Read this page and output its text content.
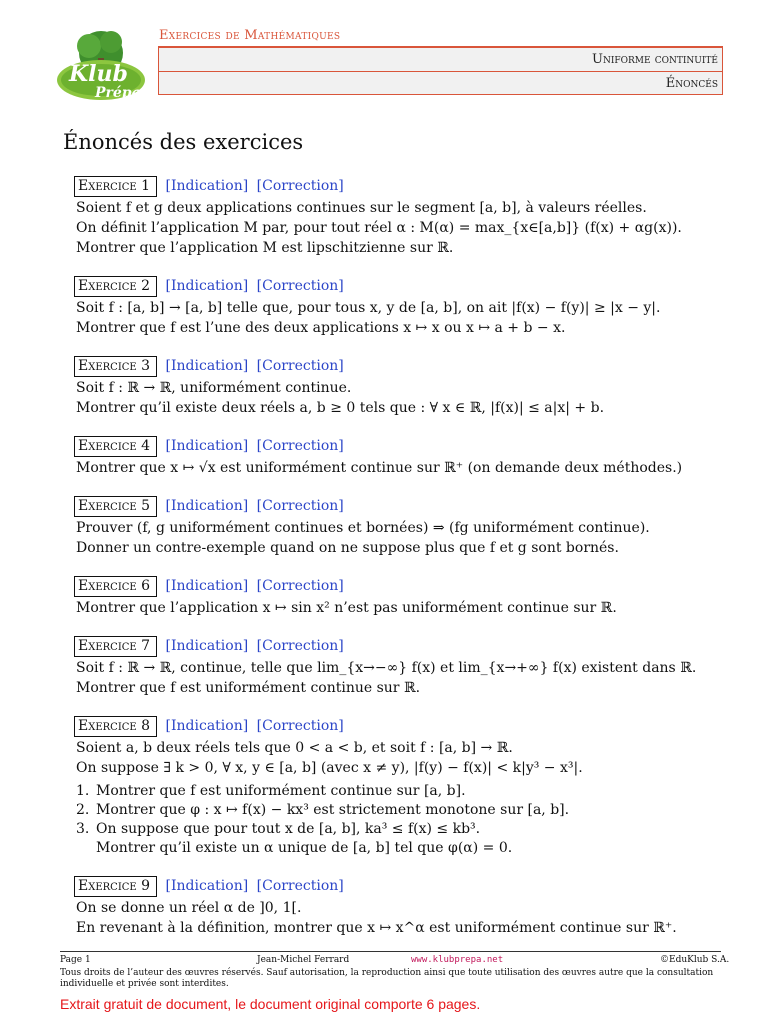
Klub
Prépa
Exercices de Mathématiques
Uniforme continuité
Énoncés
Énoncés des exercices
Exercice 1 [Indication] [Correction]
Soient f et g deux applications continues sur le segment [a, b], à valeurs réelles.
On définit l’application M par, pour tout réel α : M(α) = max_{x∈[a,b]} (f(x) + αg(x)).
Montrer que l’application M est lipschitzienne sur ℝ.
Exercice 2 [Indication] [Correction]
Soit f : [a, b] → [a, b] telle que, pour tous x, y de [a, b], on ait |f(x) − f(y)| ≥ |x − y|.
Montrer que f est l’une des deux applications x ↦ x ou x ↦ a + b − x.
Exercice 3 [Indication] [Correction]
Soit f : ℝ → ℝ, uniformément continue.
Montrer qu’il existe deux réels a, b ≥ 0 tels que : ∀ x ∈ ℝ, |f(x)| ≤ a|x| + b.
Exercice 4 [Indication] [Correction]
Montrer que x ↦ √x est uniformément continue sur ℝ⁺ (on demande deux méthodes.)
Exercice 5 [Indication] [Correction]
Prouver (f, g uniformément continues et bornées) ⇒ (fg uniformément continue).
Donner un contre-exemple quand on ne suppose plus que f et g sont bornés.
Exercice 6 [Indication] [Correction]
Montrer que l’application x ↦ sin x² n’est pas uniformément continue sur ℝ.
Exercice 7 [Indication] [Correction]
Soit f : ℝ → ℝ, continue, telle que lim_{x→−∞} f(x) et lim_{x→+∞} f(x) existent dans ℝ.
Montrer que f est uniformément continue sur ℝ.
Exercice 8 [Indication] [Correction]
Soient a, b deux réels tels que 0 < a < b, et soit f : [a, b] → ℝ.
On suppose ∃ k > 0, ∀ x, y ∈ [a, b] (avec x ≠ y), |f(y) − f(x)| < k|y³ − x³|.
1. Montrer que f est uniformément continue sur [a, b].
2. Montrer que φ : x ↦ f(x) − kx³ est strictement monotone sur [a, b].
3. On suppose que pour tout x de [a, b], ka³ ≤ f(x) ≤ kb³.
Montrer qu’il existe un α unique de [a, b] tel que φ(α) = 0.
Exercice 9 [Indication] [Correction]
On se donne un réel α de ]0, 1[.
En revenant à la définition, montrer que x ↦ x^α est uniformément continue sur ℝ⁺.
Page 1	Jean-Michel Ferrard	www.klubprepa.net	©EduKlub S.A.
Tous droits de l’auteur des œuvres réservés. Sauf autorisation, la reproduction ainsi que toute utilisation des œuvres autre que la consultation individuelle et privée sont interdites.
Extrait gratuit de document, le document original comporte 6 pages.
